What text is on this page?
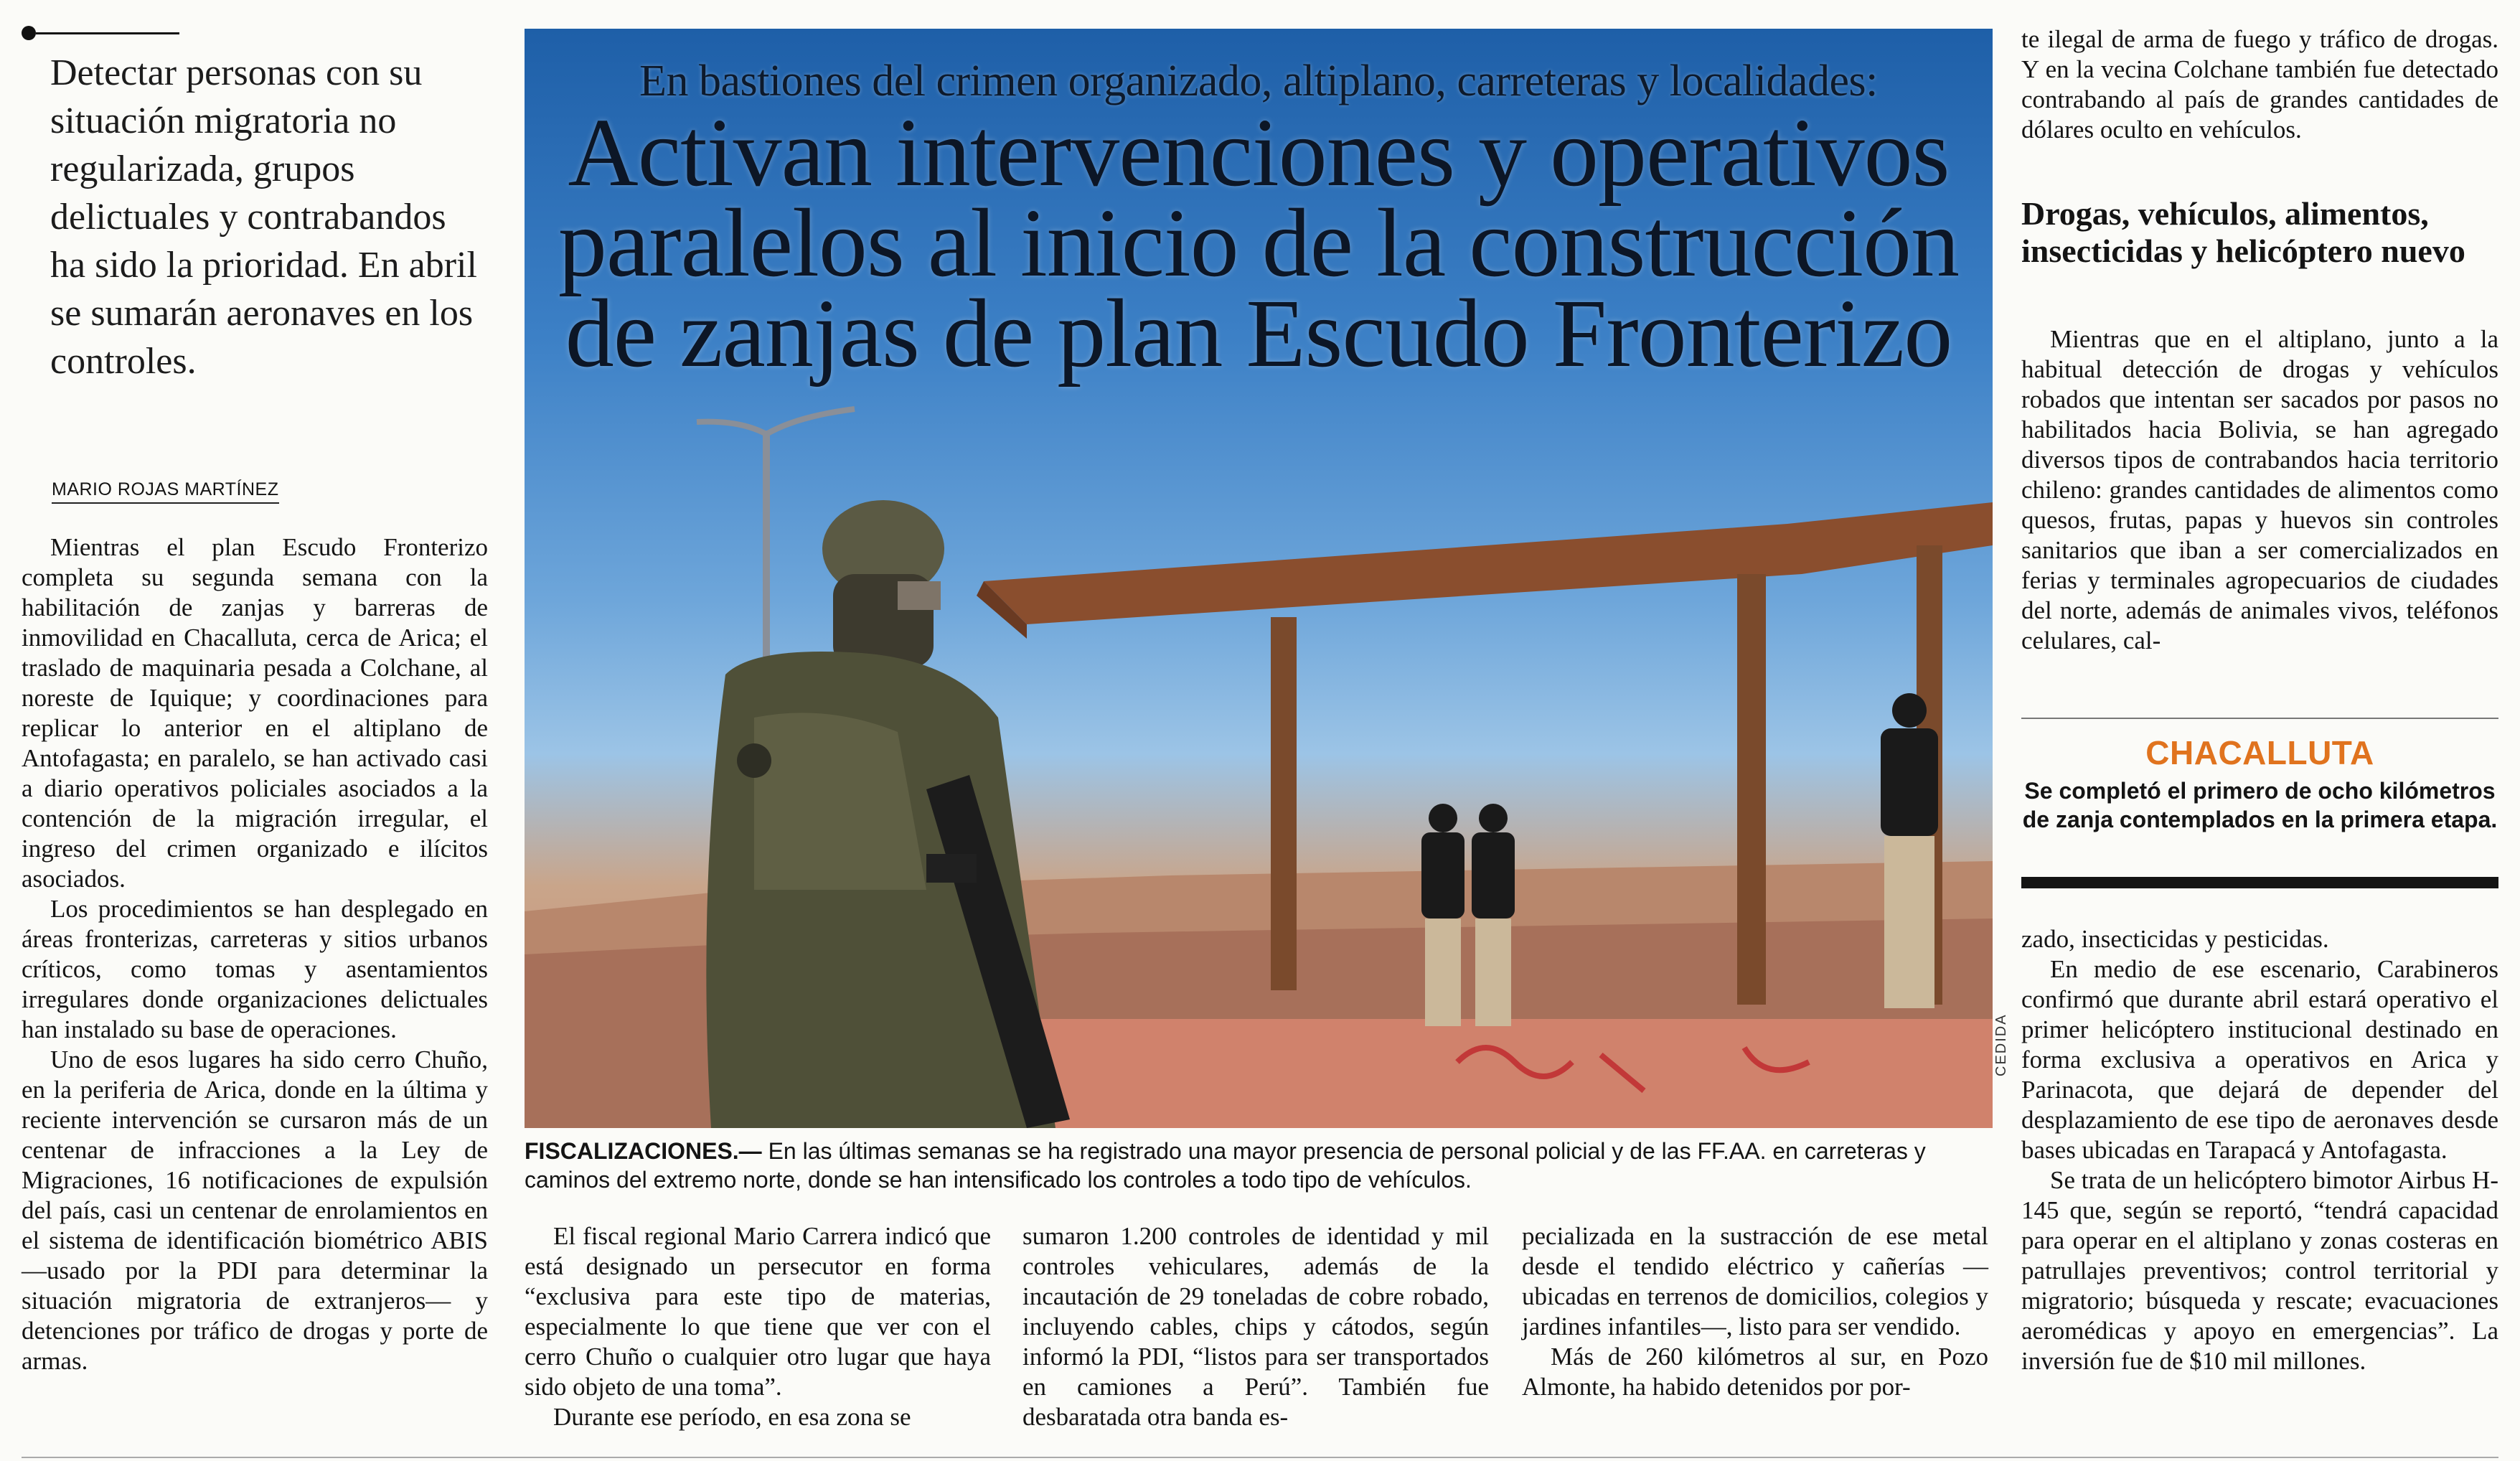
Detectar personas con su situación migratoria no regularizada, grupos delictuales y contrabandos ha sido la prioridad. En abril se sumarán aeronaves en los controles.
MARIO ROJAS MARTÍNEZ

Mientras el plan Escudo Fronterizo completa su segunda semana con la habilitación de zanjas y barreras de inmovilidad en Chacalluta, cerca de Arica; el traslado de maquinaria pesada a Colchane, al noreste de Iquique; y coordinaciones para replicar lo anterior en el altiplano de Antofagasta; en paralelo, se han activado casi a diario operativos policiales asociados a la contención de la migración irregular, el ingreso del crimen organizado e ilícitos asociados.

Los procedimientos se han desplegado en áreas fronterizas, carreteras y sitios urbanos críticos, como tomas y asentamientos irregulares donde organizaciones delictuales han instalado su base de operaciones.

Uno de esos lugares ha sido cerro Chuño, en la periferia de Arica, donde en la última y reciente intervención se cursaron más de un centenar de infracciones a la Ley de Migraciones, 16 notificaciones de expulsión del país, casi un centenar de enrolamientos en el sistema de identificación biométrico ABIS —usado por la PDI para determinar la situación migratoria de extranjeros— y detenciones por tráfico de drogas y porte de armas.

En bastiones del crimen organizado, altiplano, carreteras y localidades:
Activan intervenciones y operativos paralelos al inicio de la construcción de zanjas de plan Escudo Fronterizo
CEDIDA
FISCALIZACIONES.— En las últimas semanas se ha registrado una mayor presencia de personal policial y de las FF.AA. en carreteras y caminos del extremo norte, donde se han intensificado los controles a todo tipo de vehículos.

El fiscal regional Mario Carrera indicó que está designado un persecutor en forma “exclusiva para este tipo de materias, especialmente lo que tiene que ver con el cerro Chuño o cualquier otro lugar que haya sido objeto de una toma”.

Durante ese período, en esa zona se

sumaron 1.200 controles de identidad y mil controles vehiculares, además de la incautación de 29 toneladas de cobre robado, incluyendo cables, chips y cátodos, según informó la PDI, “listos para ser transportados en camiones a Perú”. También fue desbaratada otra banda es-

pecializada en la sustracción de ese metal desde el tendido eléctrico y cañerías —ubicadas en terrenos de domicilios, colegios y jardines infantiles—, listo para ser vendido.

Más de 260 kilómetros al sur, en Pozo Almonte, ha habido detenidos por por-

te ilegal de arma de fuego y tráfico de drogas. Y en la vecina Colchane también fue detectado contrabando al país de grandes cantidades de dólares oculto en vehículos.

Drogas, vehículos, alimentos, insecticidas y helicóptero nuevo

Mientras que en el altiplano, junto a la habitual detección de drogas y vehículos robados que intentan ser sacados por pasos no habilitados hacia Bolivia, se han agregado diversos tipos de contrabandos hacia territorio chileno: grandes cantidades de alimentos como quesos, frutas, papas y huevos sin controles sanitarios que iban a ser comercializados en ferias y terminales agropecuarios de ciudades del norte, además de animales vivos, teléfonos celulares, cal-

CHACALLUTA
Se completó el primero de ocho kilómetros de zanja contemplados en la primera etapa.

zado, insecticidas y pesticidas.

En medio de ese escenario, Carabineros confirmó que durante abril estará operativo el primer helicóptero institucional destinado en forma exclusiva a operativos en Arica y Parinacota, que dejará de depender del desplazamiento de ese tipo de aeronaves desde bases ubicadas en Tarapacá y Antofagasta.

Se trata de un helicóptero bimotor Airbus H-145 que, según se reportó, “tendrá capacidad para operar en el altiplano y zonas costeras en patrullajes preventivos; control territorial y migratorio; búsqueda y rescate; evacuaciones aeromédicas y apoyo en emergencias”. La inversión fue de $10 mil millones.
